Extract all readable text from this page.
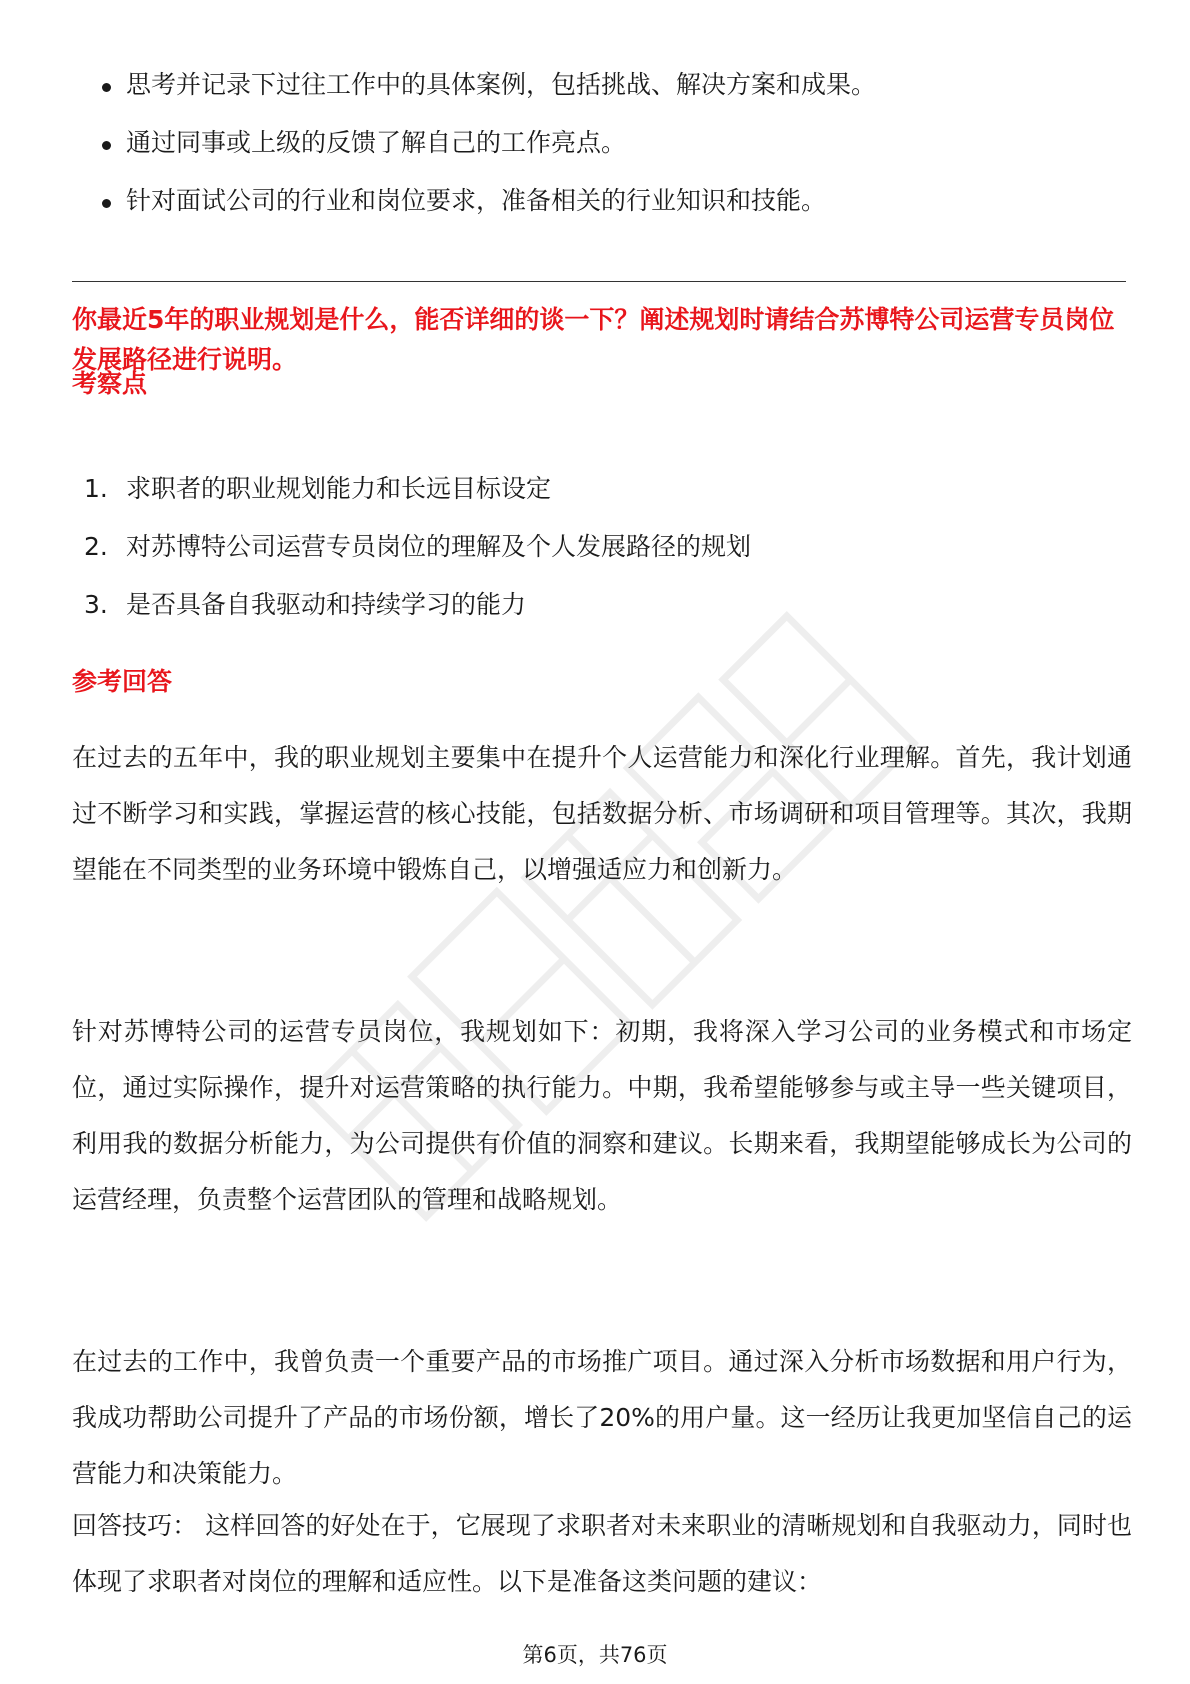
思考并记录下过往工作中的具体案例，包括挑战、解决方案和成果。
通过同事或上级的反馈了解自己的工作亮点。
针对面试公司的行业和岗位要求，准备相关的行业知识和技能。

你最近5年的职业规划是什么，能否详细的谈一下？阐述规划时请结合苏博特公司运营专员岗位发展路径进行说明。

考察点

1. 求职者的职业规划能力和长远目标设定
2. 对苏博特公司运营专员岗位的理解及个人发展路径的规划
3. 是否具备自我驱动和持续学习的能力

参考回答

在过去的五年中，我的职业规划主要集中在提升个人运营能力和深化行业理解。首先，我计划通过不断学习和实践，掌握运营的核心技能，包括数据分析、市场调研和项目管理等。其次，我期望能在不同类型的业务环境中锻炼自己，以增强适应力和创新力。

针对苏博特公司的运营专员岗位，我规划如下：初期，我将深入学习公司的业务模式和市场定位，通过实际操作，提升对运营策略的执行能力。中期，我希望能够参与或主导一些关键项目，利用我的数据分析能力，为公司提供有价值的洞察和建议。长期来看，我期望能够成长为公司的运营经理，负责整个运营团队的管理和战略规划。

在过去的工作中，我曾负责一个重要产品的市场推广项目。通过深入分析市场数据和用户行为，我成功帮助公司提升了产品的市场份额，增长了20%的用户量。这一经历让我更加坚信自己的运营能力和决策能力。

回答技巧： 这样回答的好处在于，它展现了求职者对未来职业的清晰规划和自我驱动力，同时也体现了求职者对岗位的理解和适应性。以下是准备这类问题的建议：

第6页，共76页
